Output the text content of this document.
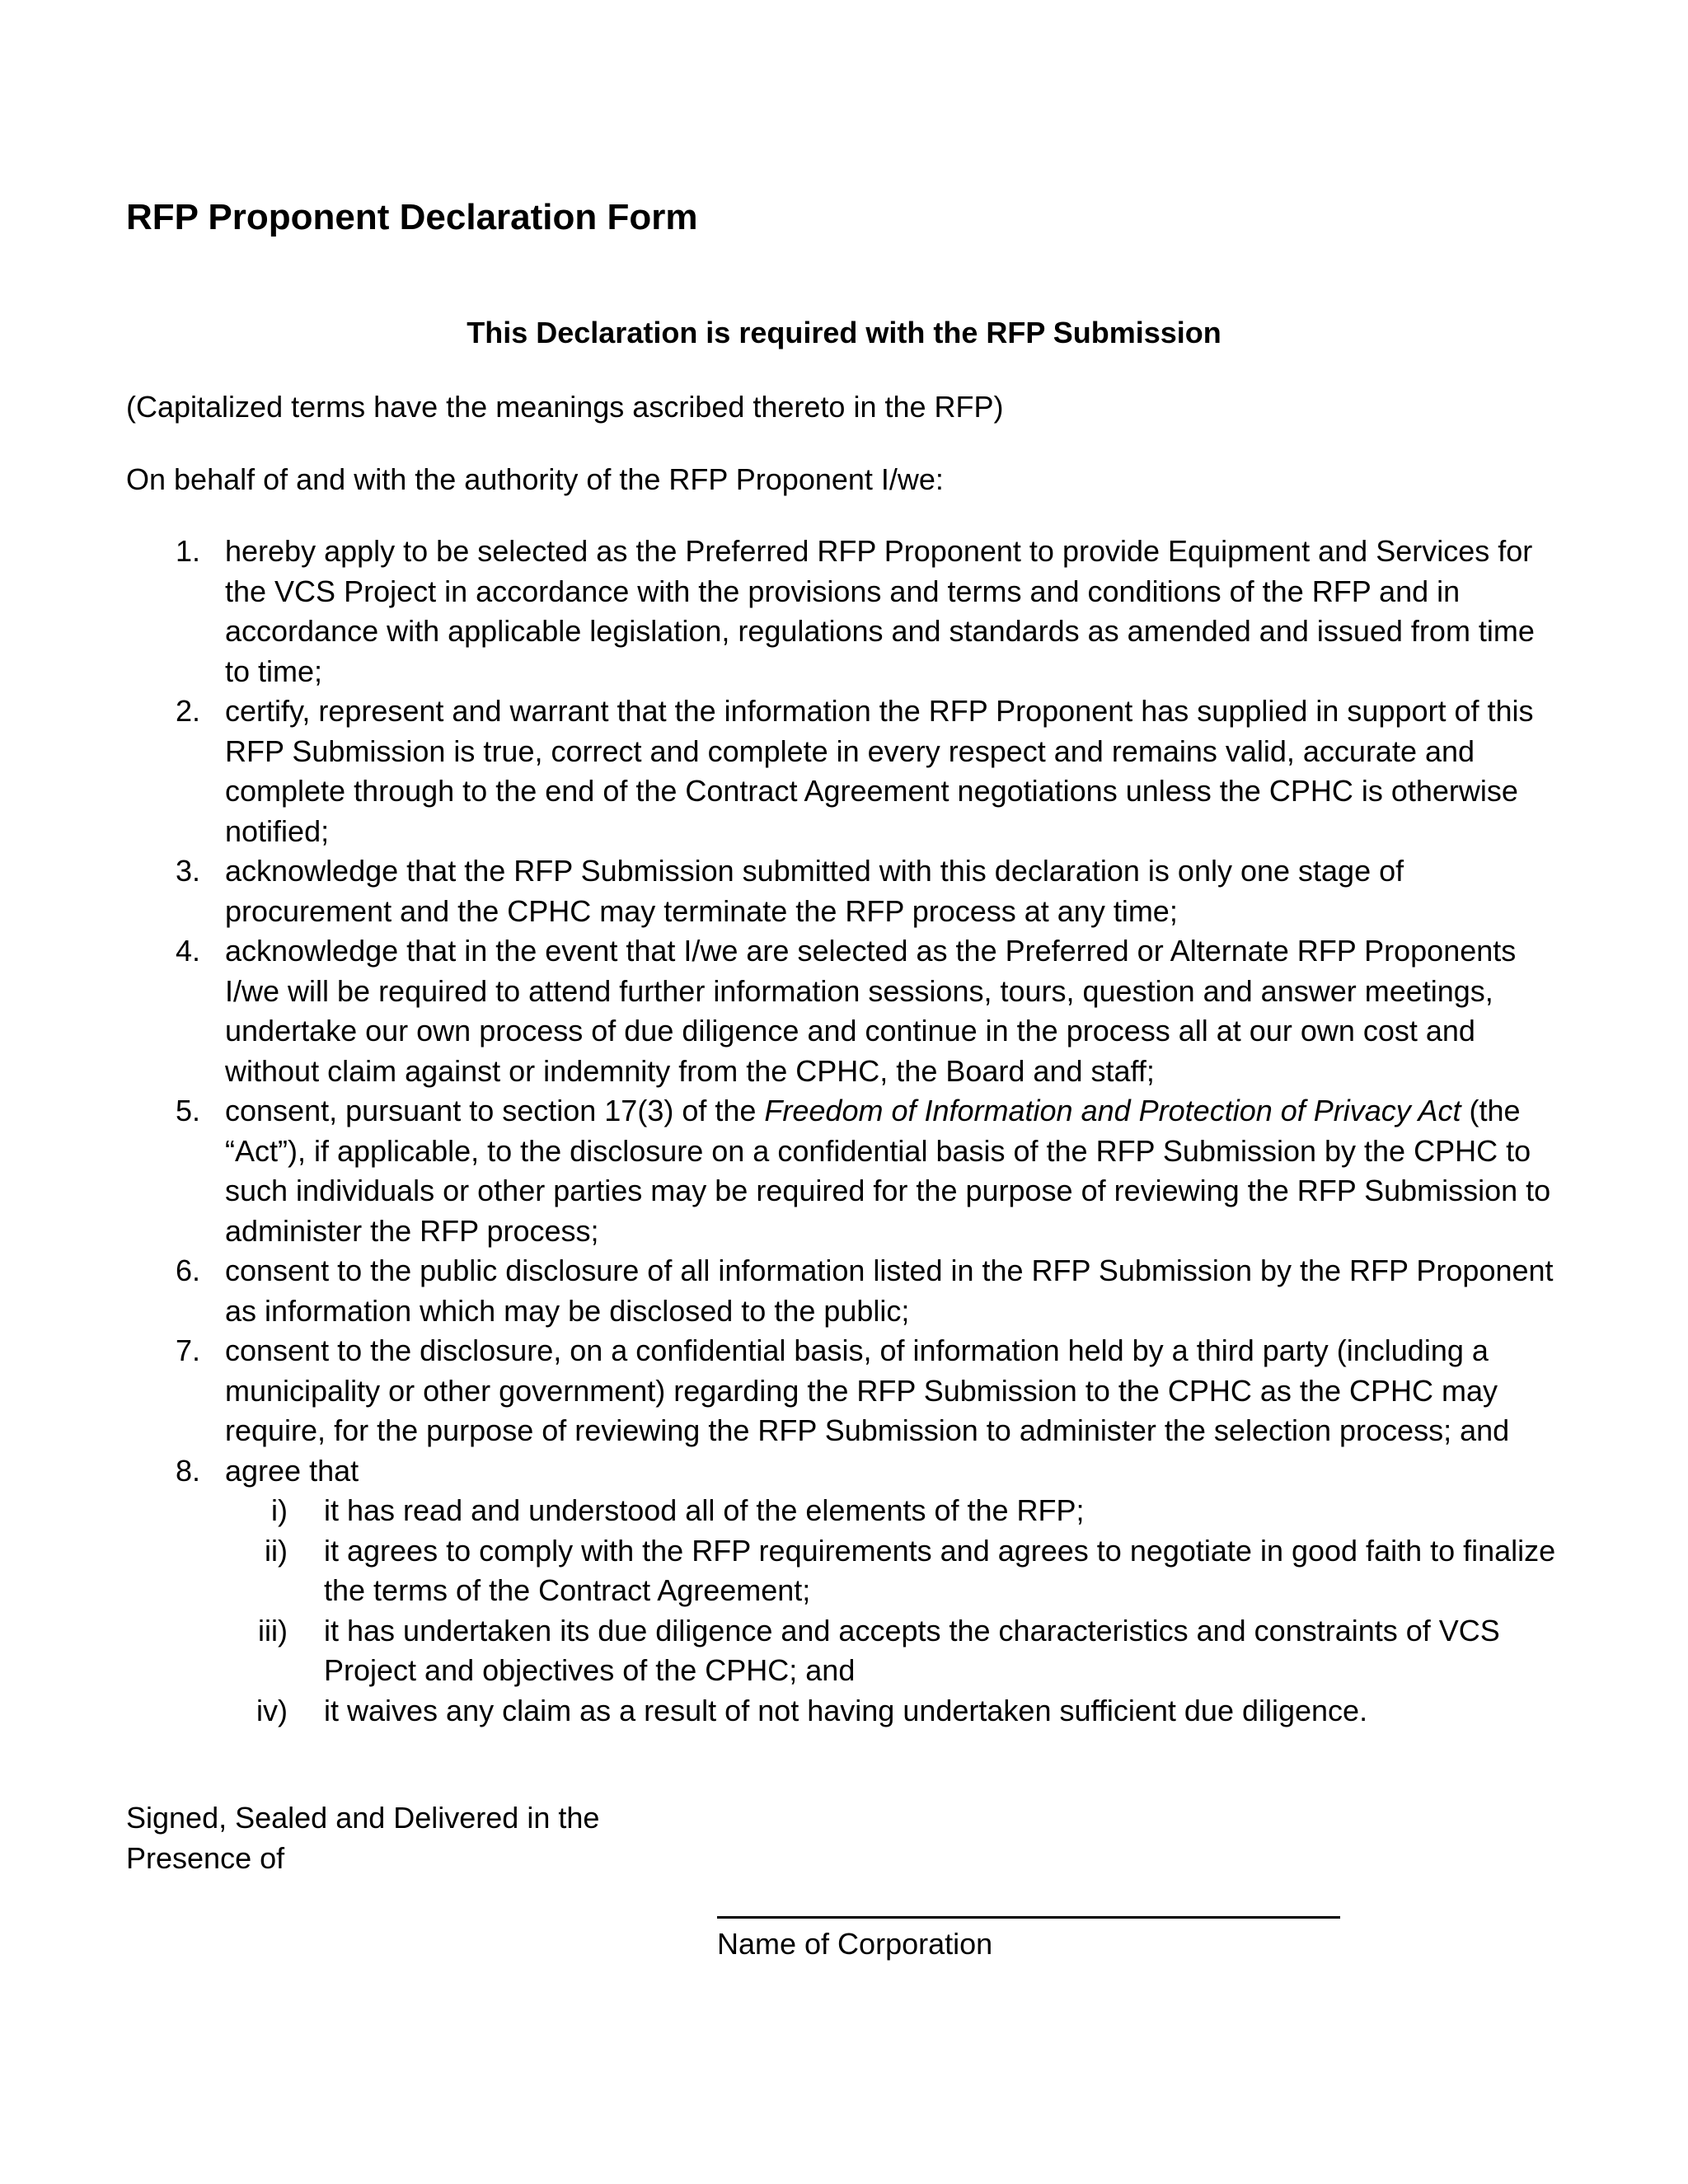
RFP Proponent Declaration Form

This Declaration is required with the RFP Submission

(Capitalized terms have the meanings ascribed thereto in the RFP)

On behalf of and with the authority of the RFP Proponent I/we:

1. hereby apply to be selected as the Preferred RFP Proponent to provide Equipment and Services for the VCS Project in accordance with the provisions and terms and conditions of the RFP and in accordance with applicable legislation, regulations and standards as amended and issued from time to time;
2. certify, represent and warrant that the information the RFP Proponent has supplied in support of this RFP Submission is true, correct and complete in every respect and remains valid, accurate and complete through to the end of the Contract Agreement negotiations unless the CPHC is otherwise notified;
3. acknowledge that the RFP Submission submitted with this declaration is only one stage of procurement and the CPHC may terminate the RFP process at any time;
4. acknowledge that in the event that I/we are selected as the Preferred or Alternate RFP Proponents I/we will be required to attend further information sessions, tours, question and answer meetings, undertake our own process of due diligence and continue in the process all at our own cost and without claim against or indemnity from the CPHC, the Board and staff;
5. consent, pursuant to section 17(3) of the Freedom of Information and Protection of Privacy Act (the “Act”), if applicable, to the disclosure on a confidential basis of the RFP Submission by the CPHC to such individuals or other parties may be required for the purpose of reviewing the RFP Submission to administer the RFP process;
6. consent to the public disclosure of all information listed in the RFP Submission by the RFP Proponent as information which may be disclosed to the public;
7. consent to the disclosure, on a confidential basis, of information held by a third party (including a municipality or other government) regarding the RFP Submission to the CPHC as the CPHC may require, for the purpose of reviewing the RFP Submission to administer the selection process; and
8. agree that
i)	it has read and understood all of the elements of the RFP;
ii)	it agrees to comply with the RFP requirements and agrees to negotiate in good faith to finalize the terms of the Contract Agreement;
iii)	it has undertaken its due diligence and accepts the characteristics and constraints of VCS Project and objectives of the CPHC; and
iv)	it waives any claim as a result of not having undertaken sufficient due diligence.

Signed, Sealed and Delivered in the Presence of

Name of Corporation
